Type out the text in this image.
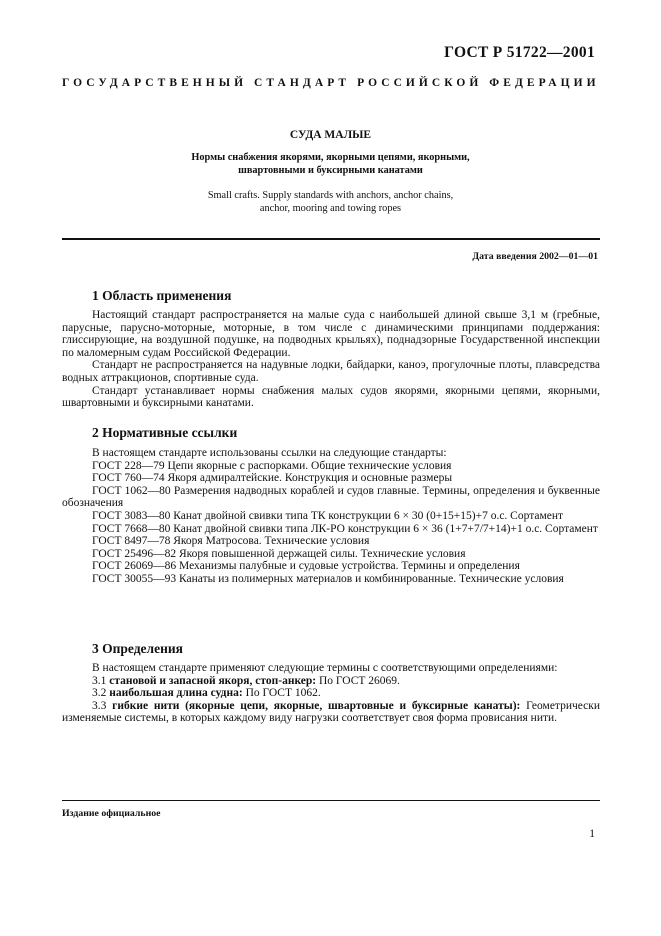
ГОСТ Р 51722—2001
ГОСУДАРСТВЕННЫЙ СТАНДАРТ РОССИЙСКОЙ ФЕДЕРАЦИИ
СУДА МАЛЫЕ
Нормы снабжения якорями, якорными цепями, якорными,
швартовными и буксирными канатами
Small crafts. Supply standards with anchors, anchor chains,
anchor, mooring and towing ropes
Дата введения 2002—01—01
1 Область применения

Настоящий стандарт распространяется на малые суда с наибольшей длиной свыше 3,1 м (гребные, парусные, парусно-моторные, моторные, в том числе с динамическими принципами поддержания: глиссирующие, на воздушной подушке, на подводных крыльях), поднадзорные Государственной инспекции по маломерным судам Российской Федерации.

Стандарт не распространяется на надувные лодки, байдарки, каноэ, прогулочные плоты, плавсредства водных аттракционов, спортивные суда.

Стандарт устанавливает нормы снабжения малых судов якорями, якорными цепями, якорными, швартовными и буксирными канатами.

2 Нормативные ссылки

В настоящем стандарте использованы ссылки на следующие стандарты:

ГОСТ 228—79 Цепи якорные с распорками. Общие технические условия

ГОСТ 760—74 Якоря адмиралтейские. Конструкция и основные размеры

ГОСТ 1062—80 Размерения надводных кораблей и судов главные. Термины, определения и буквенные обозначения

ГОСТ 3083—80 Канат двойной свивки типа ТК конструкции 6 × 30 (0+15+15)+7 о.с. Сортамент

ГОСТ 7668—80 Канат двойной свивки типа ЛК-РО конструкции 6 × 36 (1+7+7/7+14)+1 о.с. Сортамент

ГОСТ 8497—78 Якоря Матросова. Технические условия

ГОСТ 25496—82 Якоря повышенной держащей силы. Технические условия

ГОСТ 26069—86 Механизмы палубные и судовые устройства. Термины и определения

ГОСТ 30055—93 Канаты из полимерных материалов и комбинированные. Технические условия

3 Определения

В настоящем стандарте применяют следующие термины с соответствующими определениями:

3.1 становой и запасной якоря, стоп-анкер: По ГОСТ 26069.

3.2 наибольшая длина судна: По ГОСТ 1062.

3.3 гибкие нити (якорные цепи, якорные, швартовные и буксирные канаты): Геометрически изменяемые системы, в которых каждому виду нагрузки соответствует своя форма провисания нити.

Издание официальное
1
